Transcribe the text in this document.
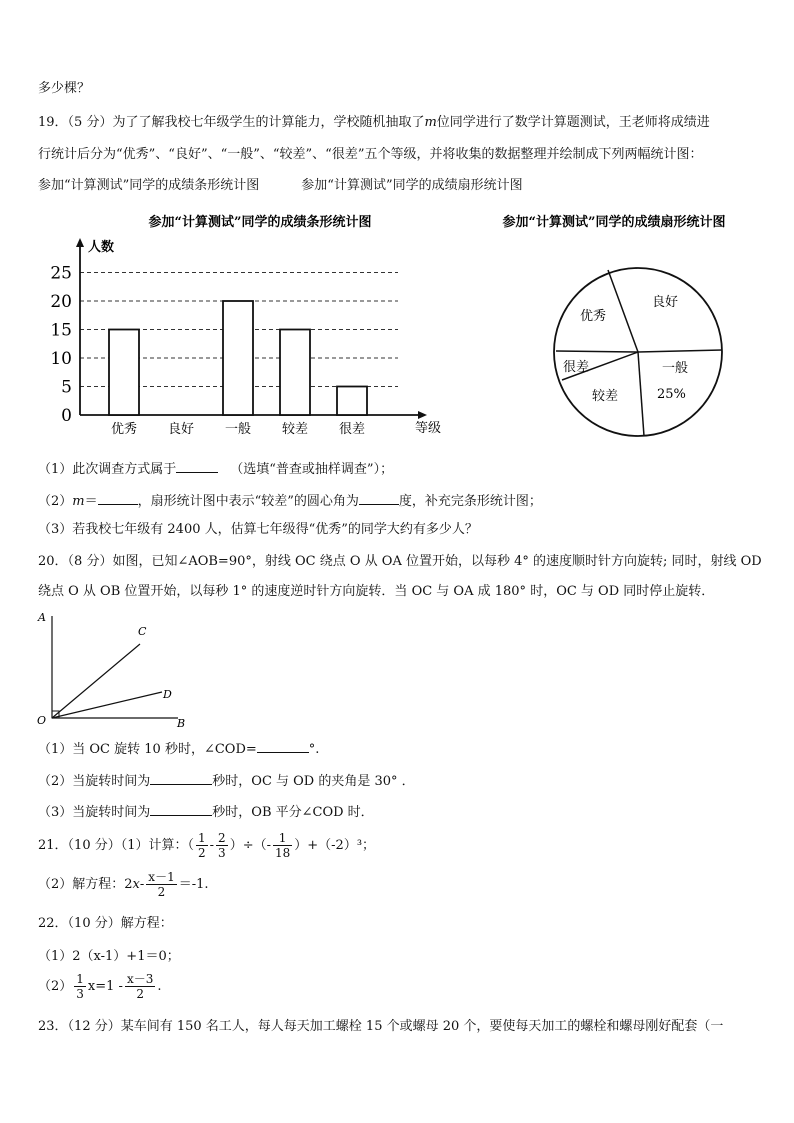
多少棵？
19．（5 分）为了了解我校七年级学生的计算能力，学校随机抽取了m位同学进行了数学计算题测试，王老师将成绩进
行统计后分为“优秀”、“良好”、“一般”、“较差”、“很差”五个等级，并将收集的数据整理并绘制成下列两幅统计图：
参加“计算测试”同学的成绩条形统计图	参加“计算测试”同学的成绩扇形统计图
参加“计算测试”同学的成绩条形统计图
0
5
10
15
20
25
优秀 良好 一般 较差 很差
人数
等级
参加“计算测试”同学的成绩扇形统计图
良好
优秀
很差
较差
一般
25%
（1）此次调查方式属于	（选填“普查或抽样调查”）；
（2）m＝	，扇形统计图中表示“较差”的圆心角为	度，补充完条形统计图；
（3）若我校七年级有 2400 人，估算七年级得“优秀”的同学大约有多少人？
20．（8 分）如图，已知∠AOB=90°，射线 OC 绕点 O 从 OA 位置开始，以每秒 4° 的速度顺时针方向旋转; 同时，射线 OD
绕点 O 从 OB 位置开始，以每秒 1° 的速度逆时针方向旋转．当 OC 与 OA 成 180° 时，OC 与 OD 同时停止旋转．
A
C
D
O	B
（1）当 OC 旋转 10 秒时，∠COD=	°.
（2）当旋转时间为	秒时，OC 与 OD 的夹角是 30° ．
（3）当旋转时间为	秒时，OB 平分∠COD 时．
21．（10 分）（1）计算：（ $\frac{1}{2} - \frac{2}{3}$ ）÷（- $\frac{1}{18} )+(-2)^3$；
（2）解方程：$2x- \frac{x-1}{2} =-1$.
22．（10 分）解方程：
（1）2（x-1）+1＝0；
$(2) \frac{1}{3} x=1 - \frac{x-3}{2}$ .
23．（12 分）某车间有 150 名工人，每人每天加工螺栓 15 个或螺母 20 个，要使每天加工的螺栓和螺母刚好配套（一
